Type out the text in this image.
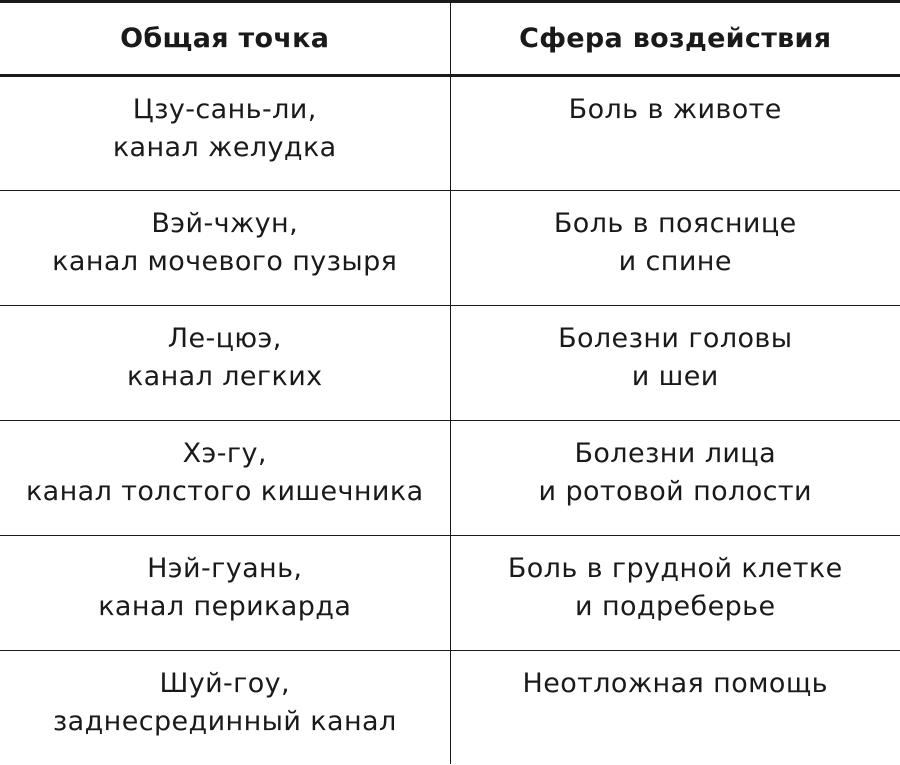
Общая точка	Сфера воздействия

Цзу-сань-ли,
канал желудка	Боль в животе

Вэй-чжун,
канал мочевого пузыря	Боль в пояснице
и спине

Ле-цюэ,
канал легких	Болезни головы
и шеи

Хэ-гу,
канал толстого кишечника	Болезни лица
и ротовой полости

Нэй-гуань,
канал перикарда	Боль в грудной клетке
и подреберье

Шуй-гоу,
заднесрединный канал	Неотложная помощь
